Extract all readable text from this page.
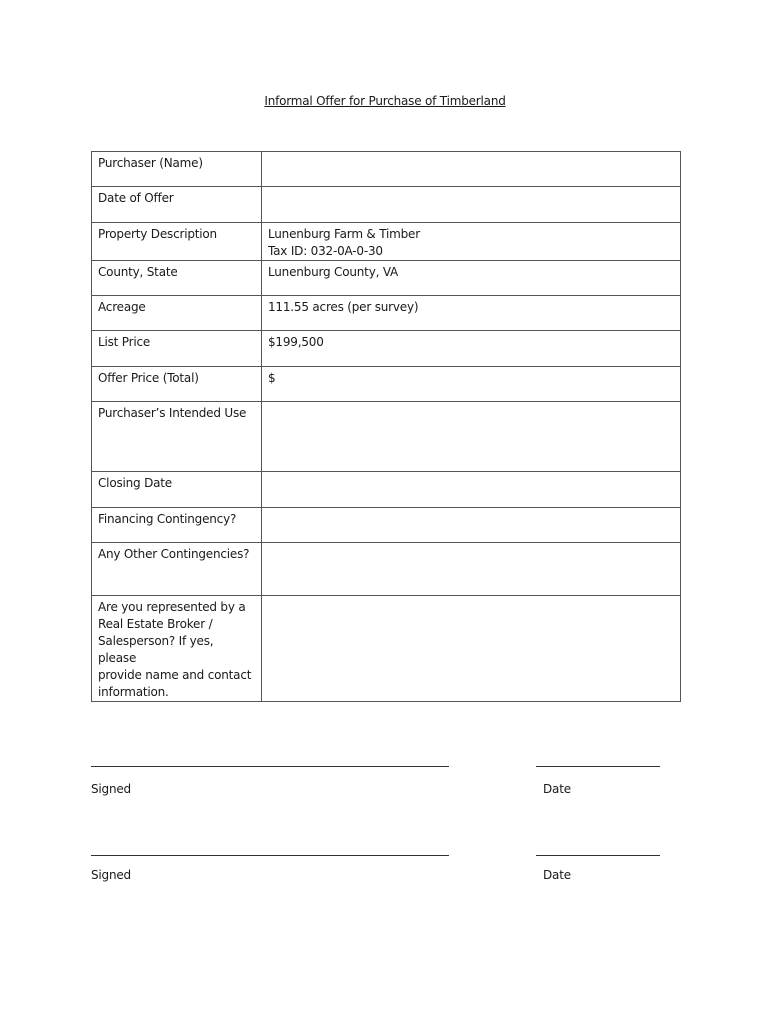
Informal Offer for Purchase of Timberland
Purchaser (Name)	

Date of Offer	

Property Description	Lunenburg Farm & Timber
Tax ID: 032-0A-0-30

County, State	Lunenburg County, VA

Acreage	111.55 acres (per survey)

List Price	$199,500

Offer Price (Total)	$

Purchaser’s Intended Use	

Closing Date	

Financing Contingency?	

Any Other Contingencies?	

Are you represented by a
Real Estate Broker /
Salesperson? If yes, please
provide name and contact
information.	

Signed	Date
Signed	Date
